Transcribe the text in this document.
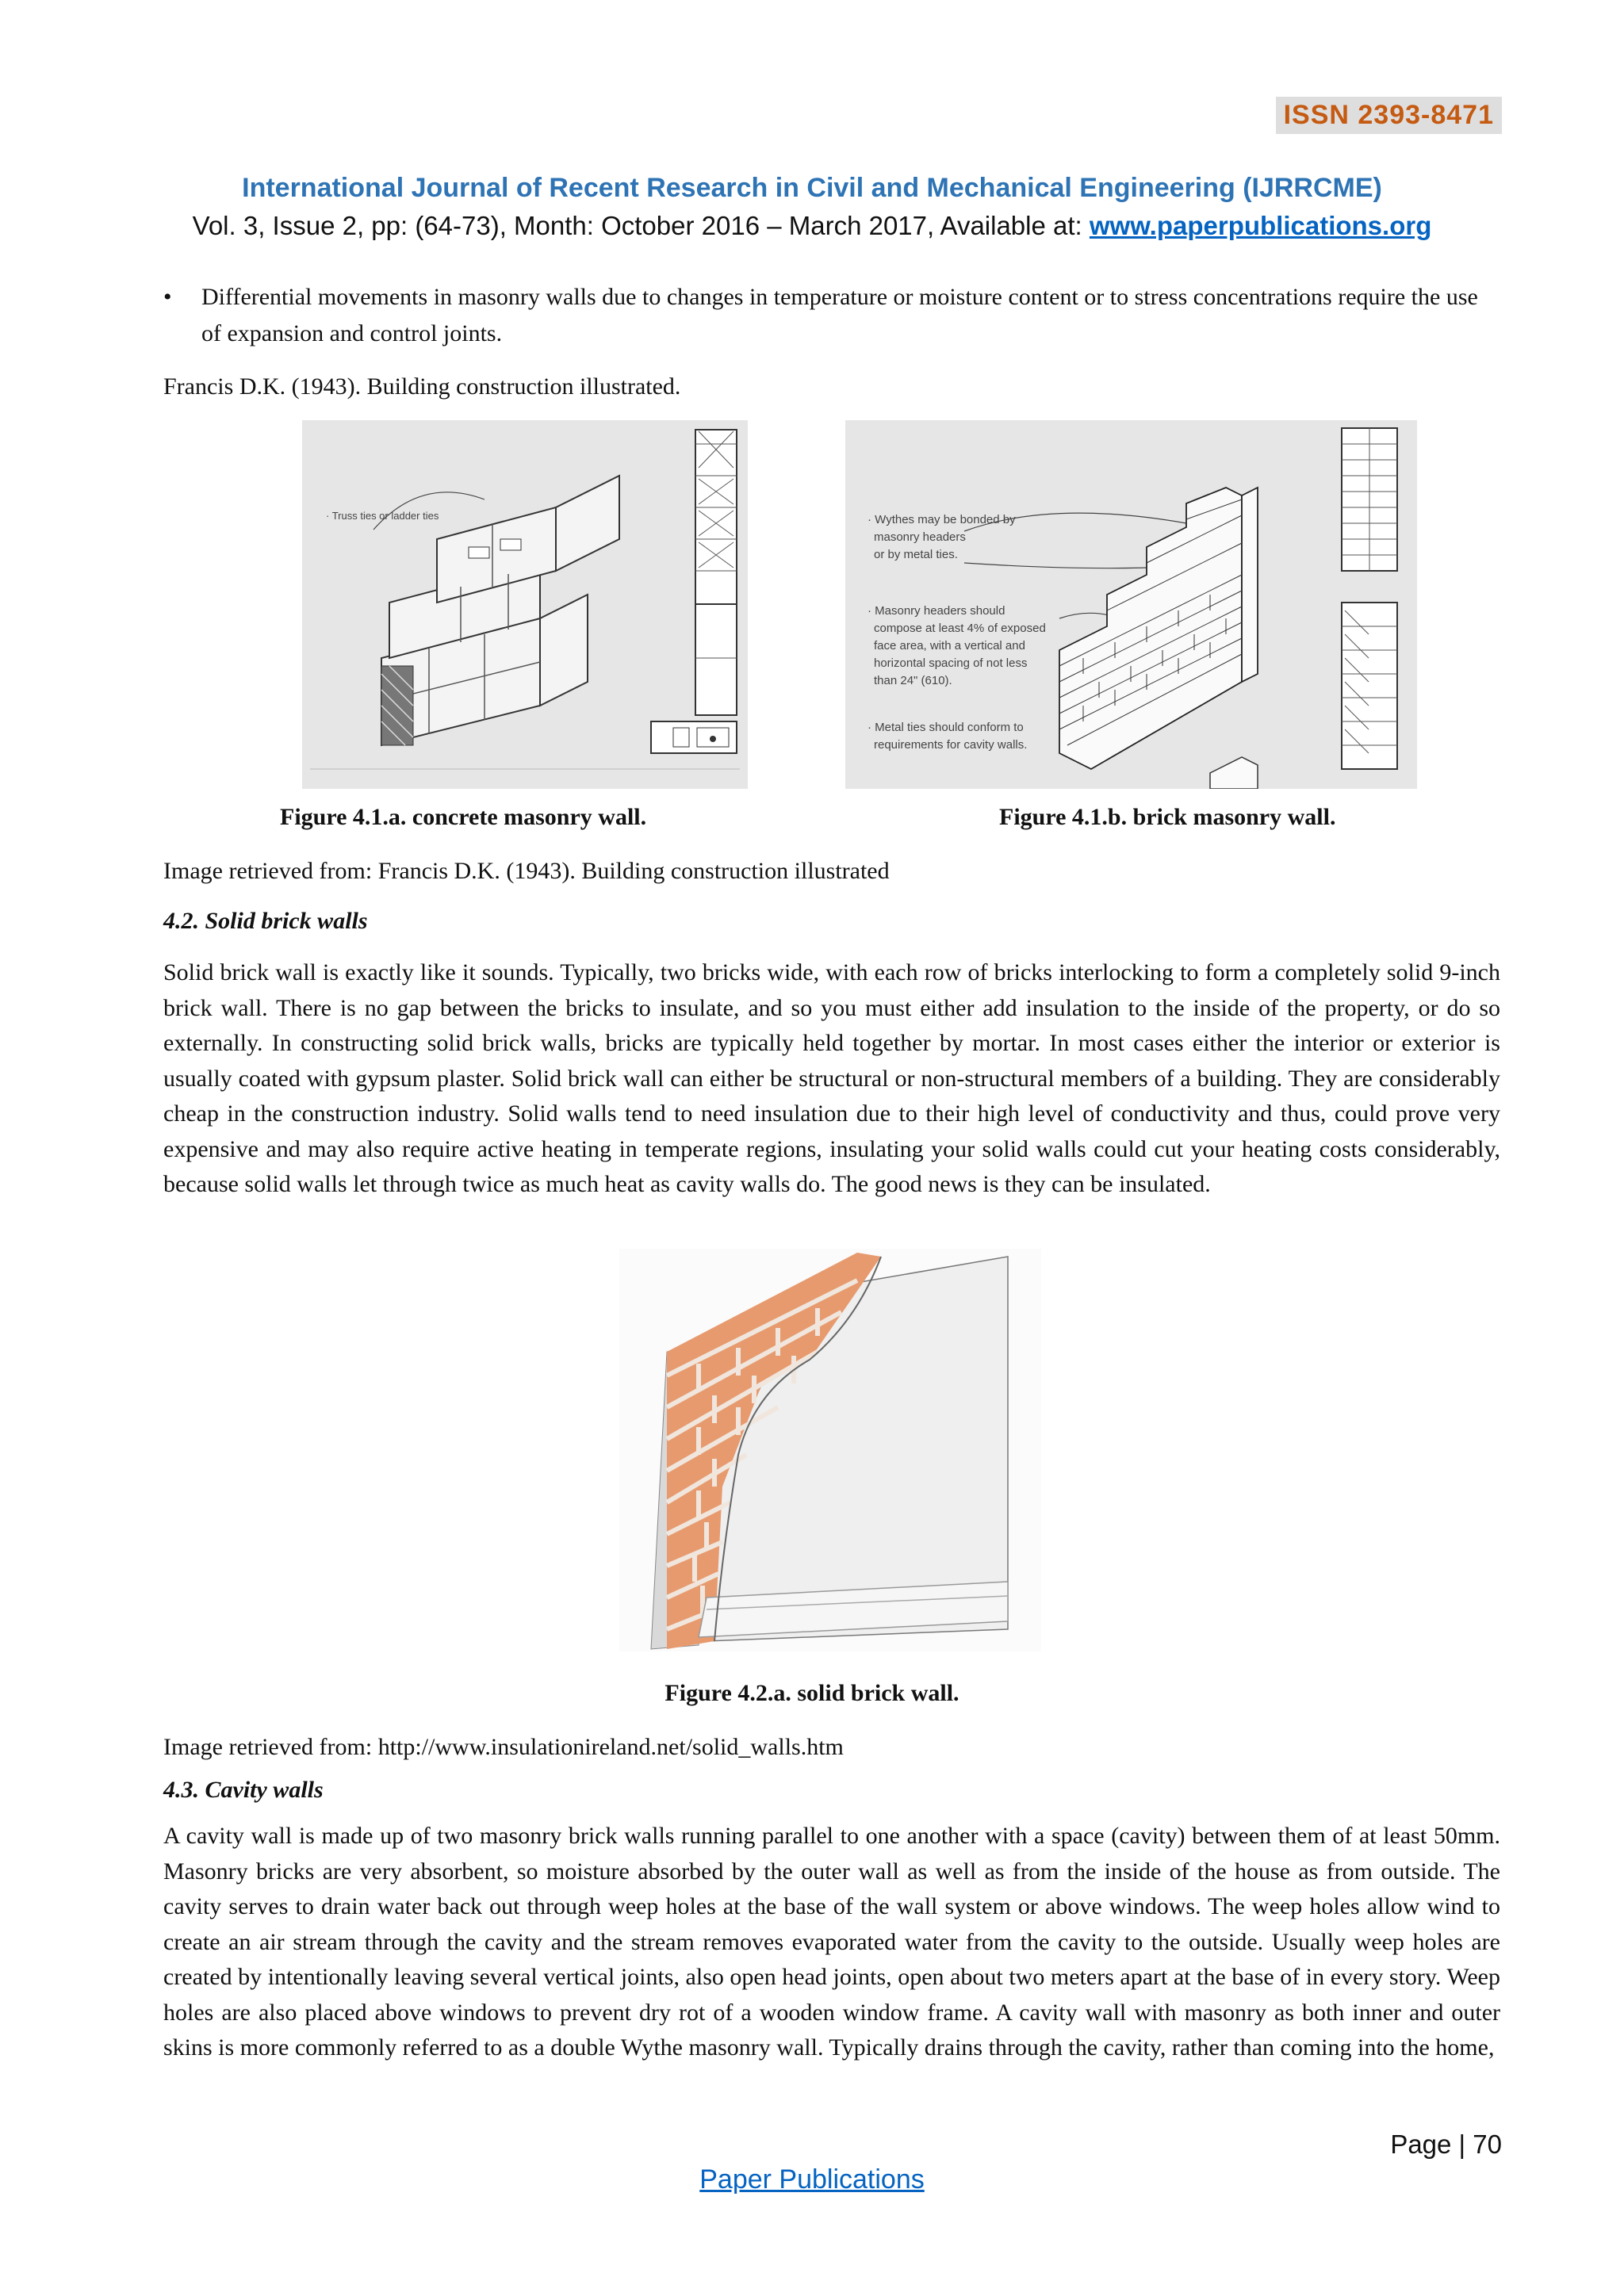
ISSN 2393-8471
International Journal of Recent Research in Civil and Mechanical Engineering (IJRRCME)
Vol. 3, Issue 2, pp: (64-73), Month: October 2016 – March 2017, Available at: www.paperpublications.org
• Differential movements in masonry walls due to changes in temperature or moisture content or to stress concentrations require the use of expansion and control joints.
Francis D.K. (1943). Building construction illustrated.
· Truss ties or ladder ties	· Wythes may be bonded by
masonry headers
or by metal ties.
· Masonry headers should
compose at least 4% of exposed
face area, with a vertical and
horizontal spacing of not less
than 24" (610).
· Metal ties should conform to
requirements for cavity walls.
Figure 4.1.a. concrete masonry wall.	Figure 4.1.b. brick masonry wall.
Image retrieved from: Francis D.K. (1943). Building construction illustrated
4.2. Solid brick walls
Solid brick wall is exactly like it sounds. Typically, two bricks wide, with each row of bricks interlocking to form a completely solid 9-inch brick wall. There is no gap between the bricks to insulate, and so you must either add insulation to the inside of the property, or do so externally. In constructing solid brick walls, bricks are typically held together by mortar. In most cases either the interior or exterior is usually coated with gypsum plaster. Solid brick wall can either be structural or non-structural members of a building. They are considerably cheap in the construction industry. Solid walls tend to need insulation due to their high level of conductivity and thus, could prove very expensive and may also require active heating in temperate regions, insulating your solid walls could cut your heating costs considerably, because solid walls let through twice as much heat as cavity walls do. The good news is they can be insulated.
Figure 4.2.a. solid brick wall.
Image retrieved from: http://www.insulationireland.net/solid_walls.htm
4.3. Cavity walls
A cavity wall is made up of two masonry brick walls running parallel to one another with a space (cavity) between them of at least 50mm. Masonry bricks are very absorbent, so moisture absorbed by the outer wall as well as from the inside of the house as from outside. The cavity serves to drain water back out through weep holes at the base of the wall system or above windows. The weep holes allow wind to create an air stream through the cavity and the stream removes evaporated water from the cavity to the outside. Usually weep holes are created by intentionally leaving several vertical joints, also open head joints, open about two meters apart at the base of in every story. Weep holes are also placed above windows to prevent dry rot of a wooden window frame. A cavity wall with masonry as both inner and outer skins is more commonly referred to as a double Wythe masonry wall. Typically drains through the cavity, rather than coming into the home,
Page | 70
Paper Publications
